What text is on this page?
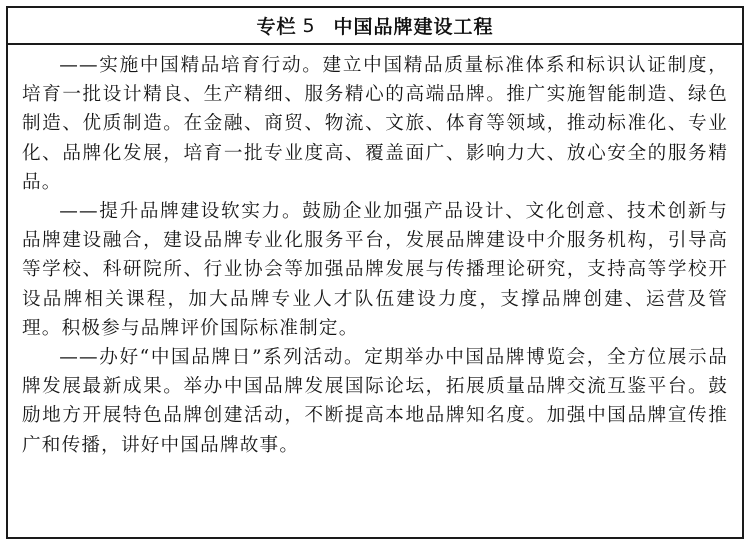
专栏 5 中国品牌建设工程

——实施中国精品培育行动。建立中国精品质量标准体系和标识认证制度，培育一批设计精良、生产精细、服务精心的高端品牌。推广实施智能制造、绿色制造、优质制造。在金融、商贸、物流、文旅、体育等领域，推动标准化、专业化、品牌化发展，培育一批专业度高、覆盖面广、影响力大、放心安全的服务精品。

——提升品牌建设软实力。鼓励企业加强产品设计、文化创意、技术创新与品牌建设融合，建设品牌专业化服务平台，发展品牌建设中介服务机构，引导高等学校、科研院所、行业协会等加强品牌发展与传播理论研究，支持高等学校开设品牌相关课程，加大品牌专业人才队伍建设力度，支撑品牌创建、运营及管理。积极参与品牌评价国际标准制定。

——办好“中国品牌日”系列活动。定期举办中国品牌博览会，全方位展示品牌发展最新成果。举办中国品牌发展国际论坛，拓展质量品牌交流互鉴平台。鼓励地方开展特色品牌创建活动，不断提高本地品牌知名度。加强中国品牌宣传推广和传播，讲好中国品牌故事。
